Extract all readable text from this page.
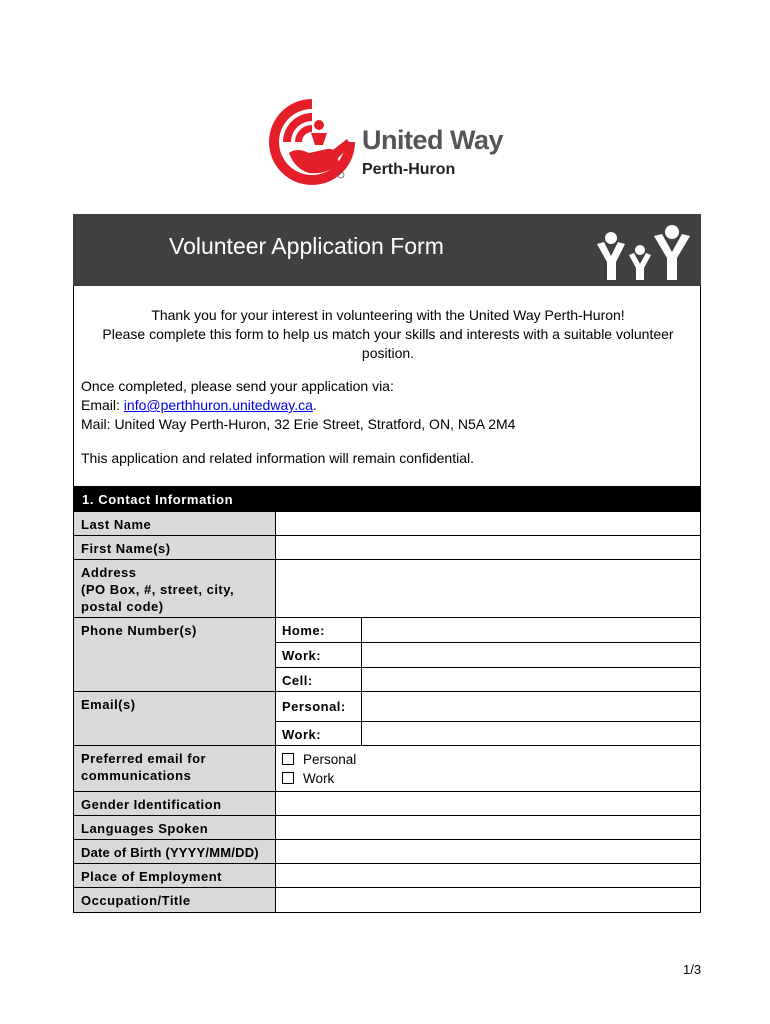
United Way
Perth-Huron
Volunteer Application Form

Thank you for your interest in volunteering with the United Way Perth-Huron!

Please complete this form to help us match your skills and interests with a suitable volunteer position.

Once completed, please send your application via:
Email: info@perthhuron.unitedway.ca.
Mail: United Way Perth-Huron, 32 Erie Street, Stratford, ON, N5A 2M4
This application and related information will remain confidential.
1. Contact Information
Last Name
First Name(s)
Address
(PO Box, #, street, city, postal code)
Phone Number(s)	Home:
Work:
Cell:
Email(s)	Personal:
Work:
Preferred email for communications
Personal
Work
Gender Identification
Languages Spoken
Date of Birth (YYYY/MM/DD)
Place of Employment
Occupation/Title
1/3
